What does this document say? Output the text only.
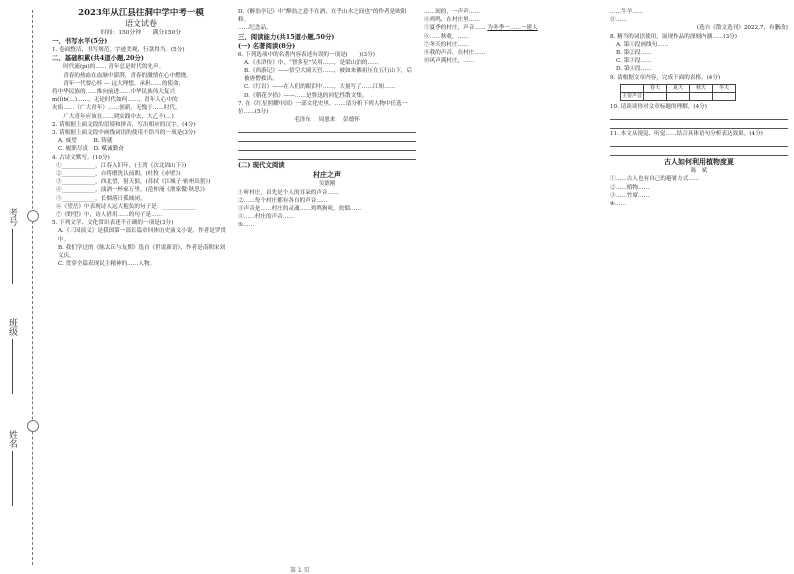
考号
班级
姓名

2023年从江县往洞中学中考一模

语文试卷

时间：150分钟　　满分150分

一、书写水平(5分)

1. 卷面整洁，书写规范，字迹美观，行款得当。(5分)

二、基础积累(共4道小题,20分)

　　时代流(pi)的…… 青年总是时代的先声。

　　青春的热血在血脉中澎湃，青春的激情在心中燃烧。

　　青年一代要心怀 — 远大理想，承担……的使命，

将中华民族的……推向前进……中华民族伟大复兴

m(ǐ)b(…)……，无论时代如何……，青年人心中的

火焰……（广大青年）……创新，无愧于……时代。

　　广大青年应该在……到实践中去，大乙不(…)

2. 请根据上面文段的语境和拼音，写出相应的汉字。(4分)

3. 请根据上面文段中画线词语的使用不恰当的一项是(3分)

A. 威望　　　	B. 铸就

C. 履职尽责　 D. 赋诚勤奋

4. 古诗文默写。(10分)

①____________，江春入旧年。(王湾《次北固山下》)

②____________，自将磨洗认前朝。(杜牧《赤壁》)

③____________，西北望，射天狼。(苏轼《江城子·密州出猎》)

④____________，浊酒一杯家万里。(范仲淹《渔家傲·秋思》)

⑤____________，长烟落日孤城闭。

⑥《望岳》中表现诗人远大抱负的句子是：____________

⑦《野望》中，诗人借用……的句子是……

5. 下列文学、文化常识表述不正确的一项是(3分)

A.《三国演义》是我国第一部长篇章回体历史演义小说，作者是罗贯中。

B. 我们学过的《陈太丘与友期》选自《世说新语》，作者是南朝宋刘义庆。

C. 贯穿全篇表现民主精神的……人物。

D.《醉翁亭记》中“醉翁之意不在酒，在乎山水之间也”的作者是欧阳修。

……纪念品。

三、阅读能力(共15道小题,50分)

(一) 名著阅读(8分)

6. 下列选项中的名著内容表述有误的一项是(　　)(3分)

A.《水浒传》中，“智多星”吴用……，是梁山泊的……

B.《西游记》——悟空大闹天宫……，被如来佛祖压在五行山下，后被唐僧救出。

C.《红岩》——在人们的眼泪中……，大量写了……江姐……

D.《朝花夕拾》——……是鲁迅的回忆性散文集。

7. 在《红星照耀中国》一部文化史里，……请分析下列人物中任选一位……(5分)

毛泽东 周恩来 彭德怀

(二) 现代文阅读

村庄之声

吴德刚

①听村庄，首先是个人的耳朵的声音……

②……每个村庄都有各自的声音……

③声音是……村庄的灵魂……鸡鸣狗吠，炊烟……

④……村庄的声音……

⑤……

……间的，一声声……

④鸡鸣，在村庄里……

⑤夏季的村庄，声音…… 为冬季一……一建人

⑥……秋收，……

⑦冬天的村庄……

⑧我的声音，在村庄……

⑩风声满村庄，……

……牛羊……

⑪……

(选自《散文选刊》2022.7，有删改)

8. 精当的词语使用，展现作品的深刻内涵……(3分)

A. 第①段画线句……

B. 第②段……

C. 第③段……

D. 第④段……

9. 请根据文章内容，完成下面的表格。(4分)

	春天	夏天	秋天	冬天
主要声音				

10. 请谈谈你对文章标题的理解。(4分)

11. 本文从视觉、听觉……结合具体语句分析表达效果。(4分)

古人如何利用植物度夏

陈　斌

①……古人也有自己的避暑方式……

②……植物……

③……竹席……

④……

第 1 页
